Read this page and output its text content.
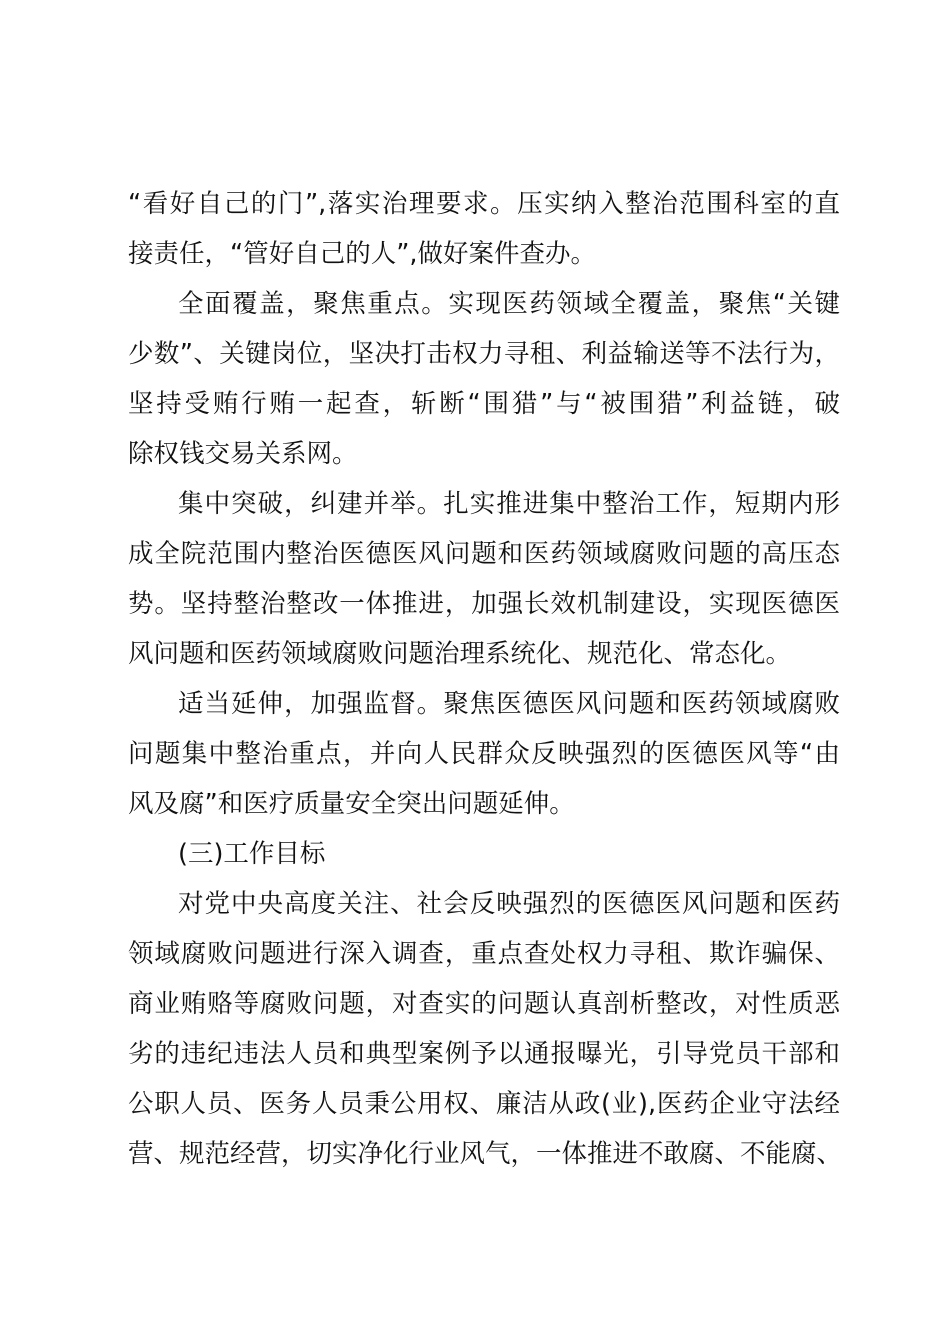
“看好自己的门”,落实治理要求。压实纳入整治范围科室的直
接责任，“管好自己的人”,做好案件查办。
全面覆盖，聚焦重点。实现医药领域全覆盖，聚焦“关键
少数”、关键岗位，坚决打击权力寻租、利益输送等不法行为，
坚持受贿行贿一起查，斩断“围猎”与“被围猎”利益链，破
除权钱交易关系网。
集中突破，纠建并举。扎实推进集中整治工作，短期内形
成全院范围内整治医德医风问题和医药领域腐败问题的高压态
势。坚持整治整改一体推进，加强长效机制建设，实现医德医
风问题和医药领域腐败问题治理系统化、规范化、常态化。
适当延伸，加强监督。聚焦医德医风问题和医药领域腐败
问题集中整治重点，并向人民群众反映强烈的医德医风等“由
风及腐”和医疗质量安全突出问题延伸。
(三)工作目标
对党中央高度关注、社会反映强烈的医德医风问题和医药
领域腐败问题进行深入调查，重点查处权力寻租、欺诈骗保、
商业贿赂等腐败问题，对查实的问题认真剖析整改，对性质恶
劣的违纪违法人员和典型案例予以通报曝光，引导党员干部和
公职人员、医务人员秉公用权、廉洁从政(业),医药企业守法经
营、规范经营，切实净化行业风气，一体推进不敢腐、不能腐、
